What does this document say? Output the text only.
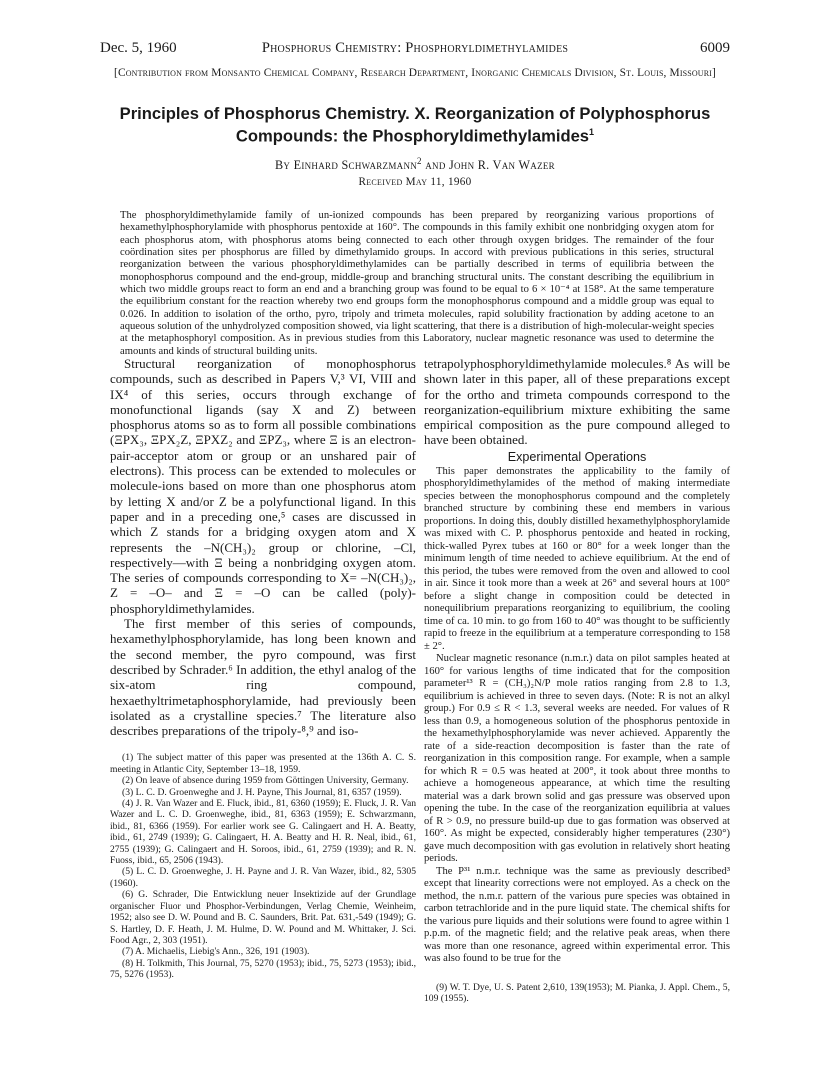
Dec. 5, 1960	Phosphorus Chemistry: Phosphoryldimethylamides	6009
[Contribution from Monsanto Chemical Company, Research Department, Inorganic Chemicals Division, St. Louis, Missouri]
Principles of Phosphorus Chemistry. X. Reorganization of Polyphosphorus
Compounds: the Phosphoryldimethylamides$^1$
By Einhard Schwarzmann$^2$ and John R. Van Wazer
Received May 11, 1960

The phosphoryldimethylamide family of un-ionized compounds has been prepared by reorganizing various proportions of hexamethylphosphorylamide with phosphorus pentoxide at 160°. The compounds in this family exhibit one nonbridging oxygen atom for each phosphorus atom, with phosphorus atoms being connected to each other through oxygen bridges. The remainder of the four coördination sites per phosphorus are filled by dimethylamido groups. In accord with previous publications in this series, structural reorganization between the various phosphoryldimethylamides can be partially described in terms of equilibria between the monophosphorus compound and the end-group, middle-group and branching structural units. The constant describing the equilibrium in which two middle groups react to form an end and a branching group was found to be equal to 6 × 10⁻⁴ at 158°. At the same temperature the equilibrium constant for the reaction whereby two end groups form the monophosphorus compound and a middle group was equal to 0.026. In addition to isolation of the ortho, pyro, tripoly and trimeta molecules, rapid solubility fractionation by adding acetone to an aqueous solution of the unhydrolyzed composition showed, via light scattering, that there is a distribution of high-molecular-weight species at the metaphosphoryl composition. As in previous studies from this Laboratory, nuclear magnetic resonance was used to determine the amounts and kinds of structural building units.

Structural reorganization of monophosphorus compounds, such as described in Papers V,³ VI, VIII and IX⁴ of this series, occurs through exchange of monofunctional ligands (say X and Z) between phosphorus atoms so as to form all possible combinations (ΞPX₃, ΞPX₂Z, ΞPXZ₂ and ΞPZ₃, where Ξ is an electron-pair-acceptor atom or group or an unshared pair of electrons). This process can be extended to molecules or molecule-ions based on more than one phosphorus atom by letting X and/or Z be a polyfunctional ligand. In this paper and in a preceding one,⁵ cases are discussed in which Z stands for a bridging oxygen atom and X represents the –N(CH₃)₂ group or chlorine, –Cl, respectively—with Ξ being a nonbridging oxygen atom. The series of compounds corresponding to X= –N(CH₃)₂, Z = –O– and Ξ = –O can be called (poly)-phosphoryldimethylamides.

The first member of this series of compounds, hexamethylphosphorylamide, has long been known and the second member, the pyro compound, was first described by Schrader.⁶ In addition, the ethyl analog of the six-atom ring compound, hexaethyltrimetaphosphorylamide, had previously been isolated as a crystalline species.⁷ The literature also describes preparations of the tripoly-⁸,⁹ and iso-

(1) The subject matter of this paper was presented at the 136th A. C. S. meeting in Atlantic City, September 13–18, 1959.

(2) On leave of absence during 1959 from Göttingen University, Germany.

(3) L. C. D. Groenweghe and J. H. Payne, This Journal, 81, 6357 (1959).

(4) J. R. Van Wazer and E. Fluck, ibid., 81, 6360 (1959); E. Fluck, J. R. Van Wazer and L. C. D. Groenweghe, ibid., 81, 6363 (1959); E. Schwarzmann, ibid., 81, 6366 (1959). For earlier work see G. Calingaert and H. A. Beatty, ibid., 61, 2749 (1939); G. Calingaert, H. A. Beatty and H. R. Neal, ibid., 61, 2755 (1939); G. Calingaert and H. Soroos, ibid., 61, 2759 (1939); and R. N. Fuoss, ibid., 65, 2506 (1943).

(5) L. C. D. Groenweghe, J. H. Payne and J. R. Van Wazer, ibid., 82, 5305 (1960).

(6) G. Schrader, Die Entwicklung neuer Insektizide auf der Grundlage organischer Fluor und Phosphor-Verbindungen, Verlag Chemie, Weinheim, 1952; also see D. W. Pound and B. C. Saunders, Brit. Pat. 631,-549 (1949); G. S. Hartley, D. F. Heath, J. M. Hulme, D. W. Pound and M. Whittaker, J. Sci. Food Agr., 2, 303 (1951).

(7) A. Michaelis, Liebig's Ann., 326, 191 (1903).

(8) H. Tolkmith, This Journal, 75, 5270 (1953); ibid., 75, 5273 (1953); ibid., 75, 5276 (1953).

tetrapolyphosphoryldimethylamide molecules.⁸ As will be shown later in this paper, all of these preparations except for the ortho and trimeta compounds correspond to the reorganization-equilibrium mixture exhibiting the same empirical composition as the pure compound alleged to have been obtained.

Experimental Operations

This paper demonstrates the applicability to the family of phosphoryldimethylamides of the method of making intermediate species between the monophosphorus compound and the completely branched structure by combining these end members in various proportions. In doing this, doubly distilled hexamethylphosphorylamide was mixed with C. P. phosphorus pentoxide and heated in rocking, thick-walled Pyrex tubes at 160 or 80° for a week longer than the minimum length of time needed to achieve equilibrium. At the end of this period, the tubes were removed from the oven and allowed to cool in air. Since it took more than a week at 26° and several hours at 100° before a slight change in composition could be detected in nonequilibrium preparations reorganizing to equilibrium, the cooling time of ca. 10 min. to go from 160 to 40° was thought to be sufficiently rapid to freeze in the equilibrium at a temperature corresponding to 158 ± 2°.

Nuclear magnetic resonance (n.m.r.) data on pilot samples heated at 160° for various lengths of time indicated that for the composition parameter¹³ R = (CH₃)₂N/P mole ratios ranging from 2.8 to 1.3, equilibrium is achieved in three to seven days. (Note: R is not an alkyl group.) For 0.9 ≤ R < 1.3, several weeks are needed. For values of R less than 0.9, a homogeneous solution of the phosphorus pentoxide in the hexamethylphosphorylamide was never achieved. Apparently the rate of a side-reaction decomposition is faster than the rate of reorganization in this composition range. For example, when a sample for which R = 0.5 was heated at 200°, it took about three months to achieve a homogeneous appearance, at which time the resulting material was a dark brown solid and gas pressure was observed upon opening the tube. In the case of the reorganization equilibria at values of R > 0.9, no pressure build-up due to gas formation was observed at 160°. As might be expected, considerably higher temperatures (230°) gave much decomposition with gas evolution in relatively short heating periods.

The P³¹ n.m.r. technique was the same as previously described³ except that linearity corrections were not employed. As a check on the method, the n.m.r. pattern of the various pure species was obtained in carbon tetrachloride and in the pure liquid state. The chemical shifts for the various pure liquids and their solutions were found to agree within 1 p.p.m. of the magnetic field; and the relative peak areas, when there was more than one resonance, agreed within experimental error. This was also found to be true for the

(9) W. T. Dye, U. S. Patent 2,610, 139(1953); M. Pianka, J. Appl. Chem., 5, 109 (1955).
